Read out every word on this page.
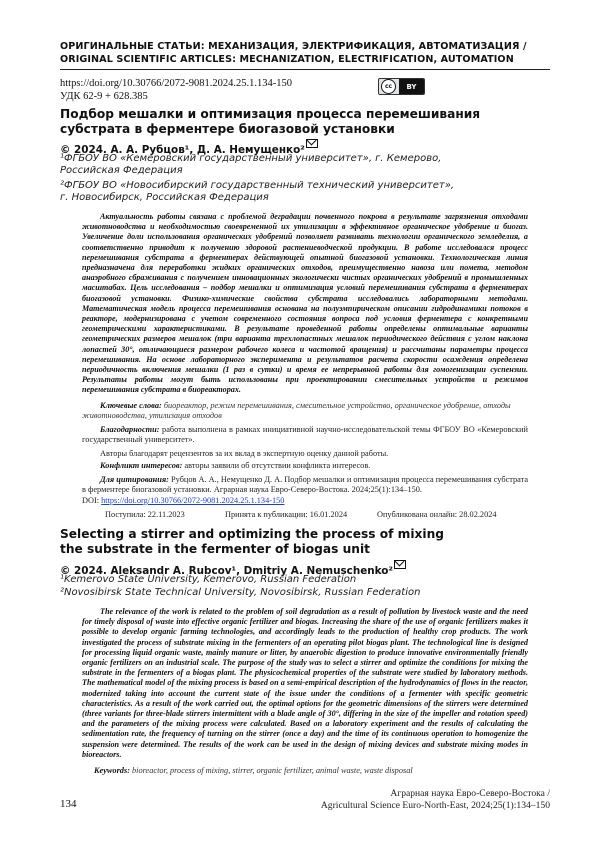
ОРИГИНАЛЬНЫЕ СТАТЬИ: МЕХАНИЗАЦИЯ, ЭЛЕКТРИФИКАЦИЯ, АВТОМАТИЗАЦИЯ /
ORIGINAL SCIENTIFIC ARTICLES: MECHANIZATION, ELECTRIFICATION, AUTOMATION
https://doi.org/10.30766/2072-9081.2024.25.1.134-150
УДК 62-9 + 628.385
cc	BY
Подбор мешалки и оптимизация процесса перемешивания
субстрата в ферментере биогазовой установки
© 2024. А. А. Рубцов¹, Д. А. Немущенко²
¹ФГБОУ ВО «Кемеровский государственный университет», г. Кемерово,
Российская Федерация
²ФГБОУ ВО «Новосибирский государственный технический университет»,
г. Новосибирск, Российская Федерация
Актуальность работы связана с проблемой деградации почвенного покрова в результате загрязнения отходами животноводства и необходимостью своевременной их утилизации в эффективное органическое удобрение и биогаз. Увеличение доли использования органических удобрений позволяет развивать технологии органического земледелия, а соответственно приводит к получению здоровой растениеводческой продукции. В работе исследовался процесс перемешивания субстрата в ферментерах действующей опытной биогазовой установки. Технологическая линия предназначена для переработки жидких органических отходов, преимущественно навоза или помета, методом анаэробного сбраживания с получением инновационных экологически чистых органических удобрений в промышленных масштабах. Цель исследования – подбор мешалки и оптимизация условий перемешивания субстрата в ферментерах биогазовой установки. Физико-химические свойства субстрата исследовались лабораторными методами. Математическая модель процесса перемешивания основана на полуэмпирическом описании гидродинамики потоков в реакторе, модернизирована с учетом современного состояния вопроса под условия ферментера с конкретными геометрическими характеристиками. В результате проведенной работы определены оптимальные варианты геометрических размеров мешалок (три варианта трехлопастных мешалок периодического действия с углом наклона лопастей 30°, отличающиеся размером рабочего колеса и частотой вращения) и рассчитаны параметры процесса перемешивания. На основе лабораторного эксперимента и результатов расчета скорости осаждения определена периодичность включения мешалки (1 раз в сутки) и время ее непрерывной работы для гомогенизации суспензии. Результаты работы могут быть использованы при проектировании смесительных устройств и режимов перемешивания субстрата в биореакторах.
Ключевые слова: биореактор, режим перемешивания, смесительное устройство, органическое удобрение, отходы животноводства, утилизация отходов
Благодарности: работа выполнена в рамках инициативной научно-исследовательской темы ФГБОУ ВО «Кемеровский государственный университет».
Авторы благодарят рецензентов за их вклад в экспертную оценку данной работы.
Конфликт интересов: авторы заявили об отсутствии конфликта интересов.
Для цитирования: Рубцов А. А., Немущенко Д. А. Подбор мешалки и оптимизация процесса перемешивания субстрата в ферментере биогазовой установки. Аграрная наука Евро-Северо-Востока. 2024;25(1):134–150.
DOI: https://doi.org/10.30766/2072-9081.2024.25.1.134-150
Поступила: 22.11.2023	Принята к публикации: 16.01.2024	Опубликована онлайн: 28.02.2024
Selecting a stirrer and optimizing the process of mixing
the substrate in the fermenter of biogas unit
© 2024. Aleksandr A. Rubcov¹, Dmitriy A. Nemuschenko²
¹Kemerovo State University, Kemerovo, Russian Federation
²Novosibirsk State Technical University, Novosibirsk, Russian Federation
The relevance of the work is related to the problem of soil degradation as a result of pollution by livestock waste and the need for timely disposal of waste into effective organic fertilizer and biogas. Increasing the share of the use of organic fertilizers makes it possible to develop organic farming technologies, and accordingly leads to the production of healthy crop products. The work investigated the process of substrate mixing in the fermenters of an operating pilot biogas plant. The technological line is designed for processing liquid organic waste, mainly manure or litter, by anaerobic digestion to produce innovative environmentally friendly organic fertilizers on an industrial scale. The purpose of the study was to select a stirrer and optimize the conditions for mixing the substrate in the fermenters of a biogas plant. The physicochemical properties of the substrate were studied by laboratory methods. The mathematical model of the mixing process is based on a semi-empirical description of the hydrodynamics of flows in the reactor, modernized taking into account the current state of the issue under the conditions of a fermenter with specific geometric characteristics. As a result of the work carried out, the optimal options for the geometric dimensions of the stirrers were determined (three variants for three-blade stirrers intermittent with a blade angle of 30°, differing in the size of the impeller and rotation speed) and the parameters of the mixing process were calculated. Based on a laboratory experiment and the results of calculating the sedimentation rate, the frequency of turning on the stirrer (once a day) and the time of its continuous operation to homogenize the suspension were determined. The results of the work can be used in the design of mixing devices and substrate mixing modes in bioreactors.
Keywords: bioreactor, process of mixing, stirrer, organic fertilizer, animal waste, waste disposal
134
Аграрная наука Евро-Северо-Востока /
Agricultural Science Euro-North-East, 2024;25(1):134–150
